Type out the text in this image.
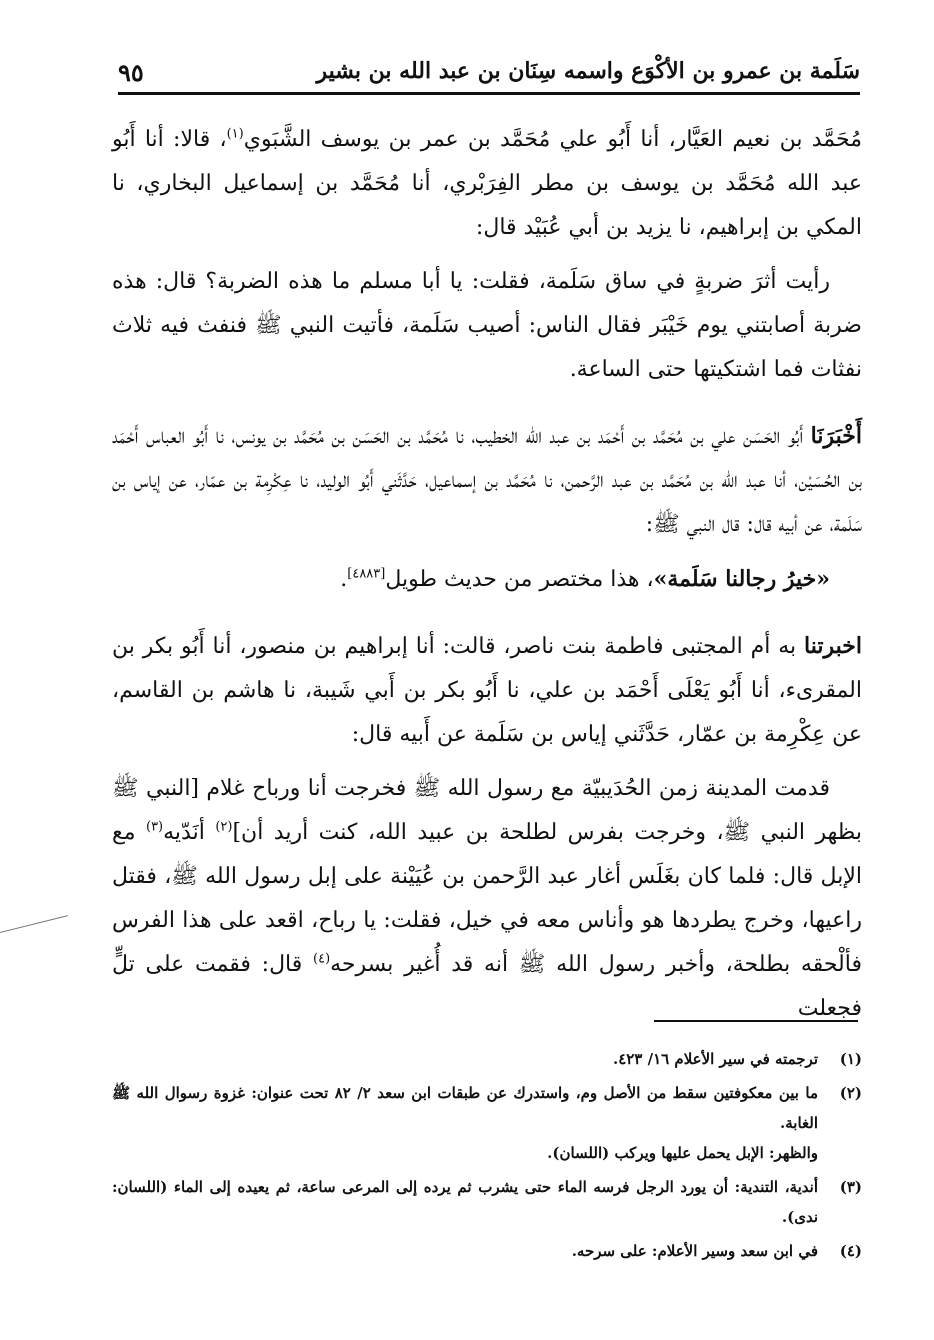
سَلَمة بن عمرو بن الأكْوَع واسمه سِنَان بن عبد الله بن بشير
٩٥

مُحَمَّد بن نعيم العَيَّار، أنا أَبُو علي مُحَمَّد بن عمر بن يوسف الشَّبَوي$^{(١)}$، قالا: أنا أَبُو عبد الله مُحَمَّد بن يوسف بن مطر الفِرَبْري، أنا مُحَمَّد بن إسماعيل البخاري، نا المكي بن إبراهيم، نا يزيد بن أبي عُبَيْد قال:

رأيت أثرَ ضربةٍ في ساق سَلَمة، فقلت: يا أبا مسلم ما هذه الضربة؟ قال: هذه ضربة أصابتني يوم خَيْبَر فقال الناس: أصيب سَلَمة، فأتيت النبي ﷺ فنفث فيه ثلاث نفثات فما اشتكيتها حتى الساعة.

أَخْبَرَنَا أَبُو الحَسَن علي بن مُحَمَّد بن أَحْمَد بن عبد الله الخطيب، نا مُحَمَّد بن الحَسَن بن مُحَمَّد بن يونس، نا أَبُو العباس أَحْمَد بن الحُسَيْن، أنا عبد الله بن مُحَمَّد بن عبد الرَّحمن، نا مُحَمَّد بن إسماعيل، حَدَّثَني أَبُو الوليد، نا عِكْرِمة بن عمّار، عن إياس بن سَلَمة، عن أبيه قال: قال النبي ﷺ:

«خيرُ رجالنا سَلَمة»، هذا مختصر من حديث طويل[٤٨٨٣].

اخبرتنا به أم المجتبى فاطمة بنت ناصر، قالت: أنا إبراهيم بن منصور، أنا أَبُو بكر بن المقرىء، أنا أَبُو يَعْلَى أَحْمَد بن علي، نا أَبُو بكر بن أَبي شَيبة، نا هاشم بن القاسم، عن عِكْرِمة بن عمّار، حَدَّثَني إياس بن سَلَمة عن أَبيه قال:

قدمت المدينة زمن الحُدَيبيّة مع رسول الله ﷺ فخرجت أنا ورباح غلام [النبي ﷺ بظهر النبي ﷺ، وخرجت بفرس لطلحة بن عبيد الله، كنت أريد أن]$^{(٢)}$ أنَدّيه$^{(٣)}$ مع الإبل قال: فلما كان بغَلَس أغار عبد الرَّحمن بن عُيَيْنة على إبل رسول الله ﷺ، فقتل راعيها، وخرج يطردها هو وأناس معه في خيل، فقلت: يا رباح، اقعد على هذا الفرس فألْحقه بطلحة، وأخبر رسول الله ﷺ أنه قد أُغير بسرحه$^{(٤)}$ قال: فقمت على تلٍّ فجعلت

(١)
ترجمته في سير الأعلام ١٦/ ٤٢٣.
(٢)
ما بين معكوفتين سقط من الأصل وم، واستدرك عن طبقات ابن سعد ٢/ ٨٢ تحت عنوان: غزوة رسوال الله ﷺ الغابة.
والظهر: الإبل يحمل عليها ويركب (اللسان).
(٣)
أندية، التندية: أن يورد الرجل فرسه الماء حتى يشرب ثم يرده إلى المرعى ساعة، ثم يعيده إلى الماء (اللسان: ندى).
(٤)
في ابن سعد وسير الأعلام: على سرحه.
